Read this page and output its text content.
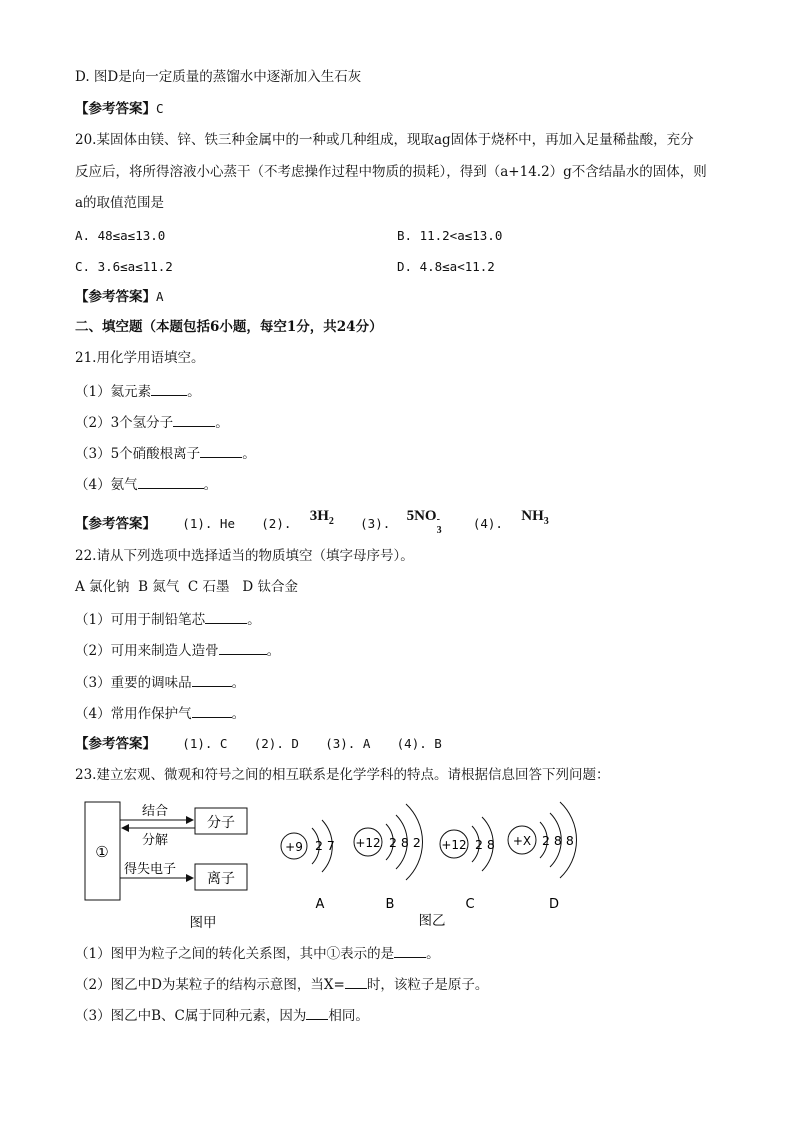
D. 图D是向一定质量的蒸馏水中逐渐加入生石灰
【参考答案】C
20.某固体由镁、锌、铁三种金属中的一种或几种组成，现取ag固体于烧杯中，再加入足量稀盐酸，充分
反应后，将所得溶液小心蒸干（不考虑操作过程中物质的损耗），得到（a+14.2）g不含结晶水的固体，则
a的取值范围是
A. 48≤a≤13.0	B. 11.2<a≤13.0
C. 3.6≤a≤11.2	D. 4.8≤a<11.2
【参考答案】A
二、填空题（本题包括6小题，每空1分，共24分）
21.用化学用语填空。
（1）氦元素	。
（2）3个氢分子	。
（3）5个硝酸根离子	。
（4）氨气	。
【参考答案】 (1). He (2). $3H_2$ (3). 5NO -
3	(4). $NH_3$
22.请从下列选项中选择适当的物质填空（填字母序号）。
A 氯化钠  B 氮气  C 石墨   D 钛合金
（1）可用于制铅笔芯	。
（2）可用来制造人造骨	。
（3）重要的调味品	。
（4）常用作保护气	。
【参考答案】 (1). C (2). D (3). A (4). B
23.建立宏观、微观和符号之间的相互联系是化学学科的特点。请根据信息回答下列问题：
①
分子
离子
结合
分解
得失电子
图甲
+9 2 7
A
+12 2 8 2
B
+12 2 8
C
+X 2 8 8
D
图乙
（1）图甲为粒子之间的转化关系图，其中①表示的是 。
（2）图乙中D为某粒子的结构示意图，当X= 时，该粒子是原子。
（3）图乙中B、C属于同种元素，因为 相同。
